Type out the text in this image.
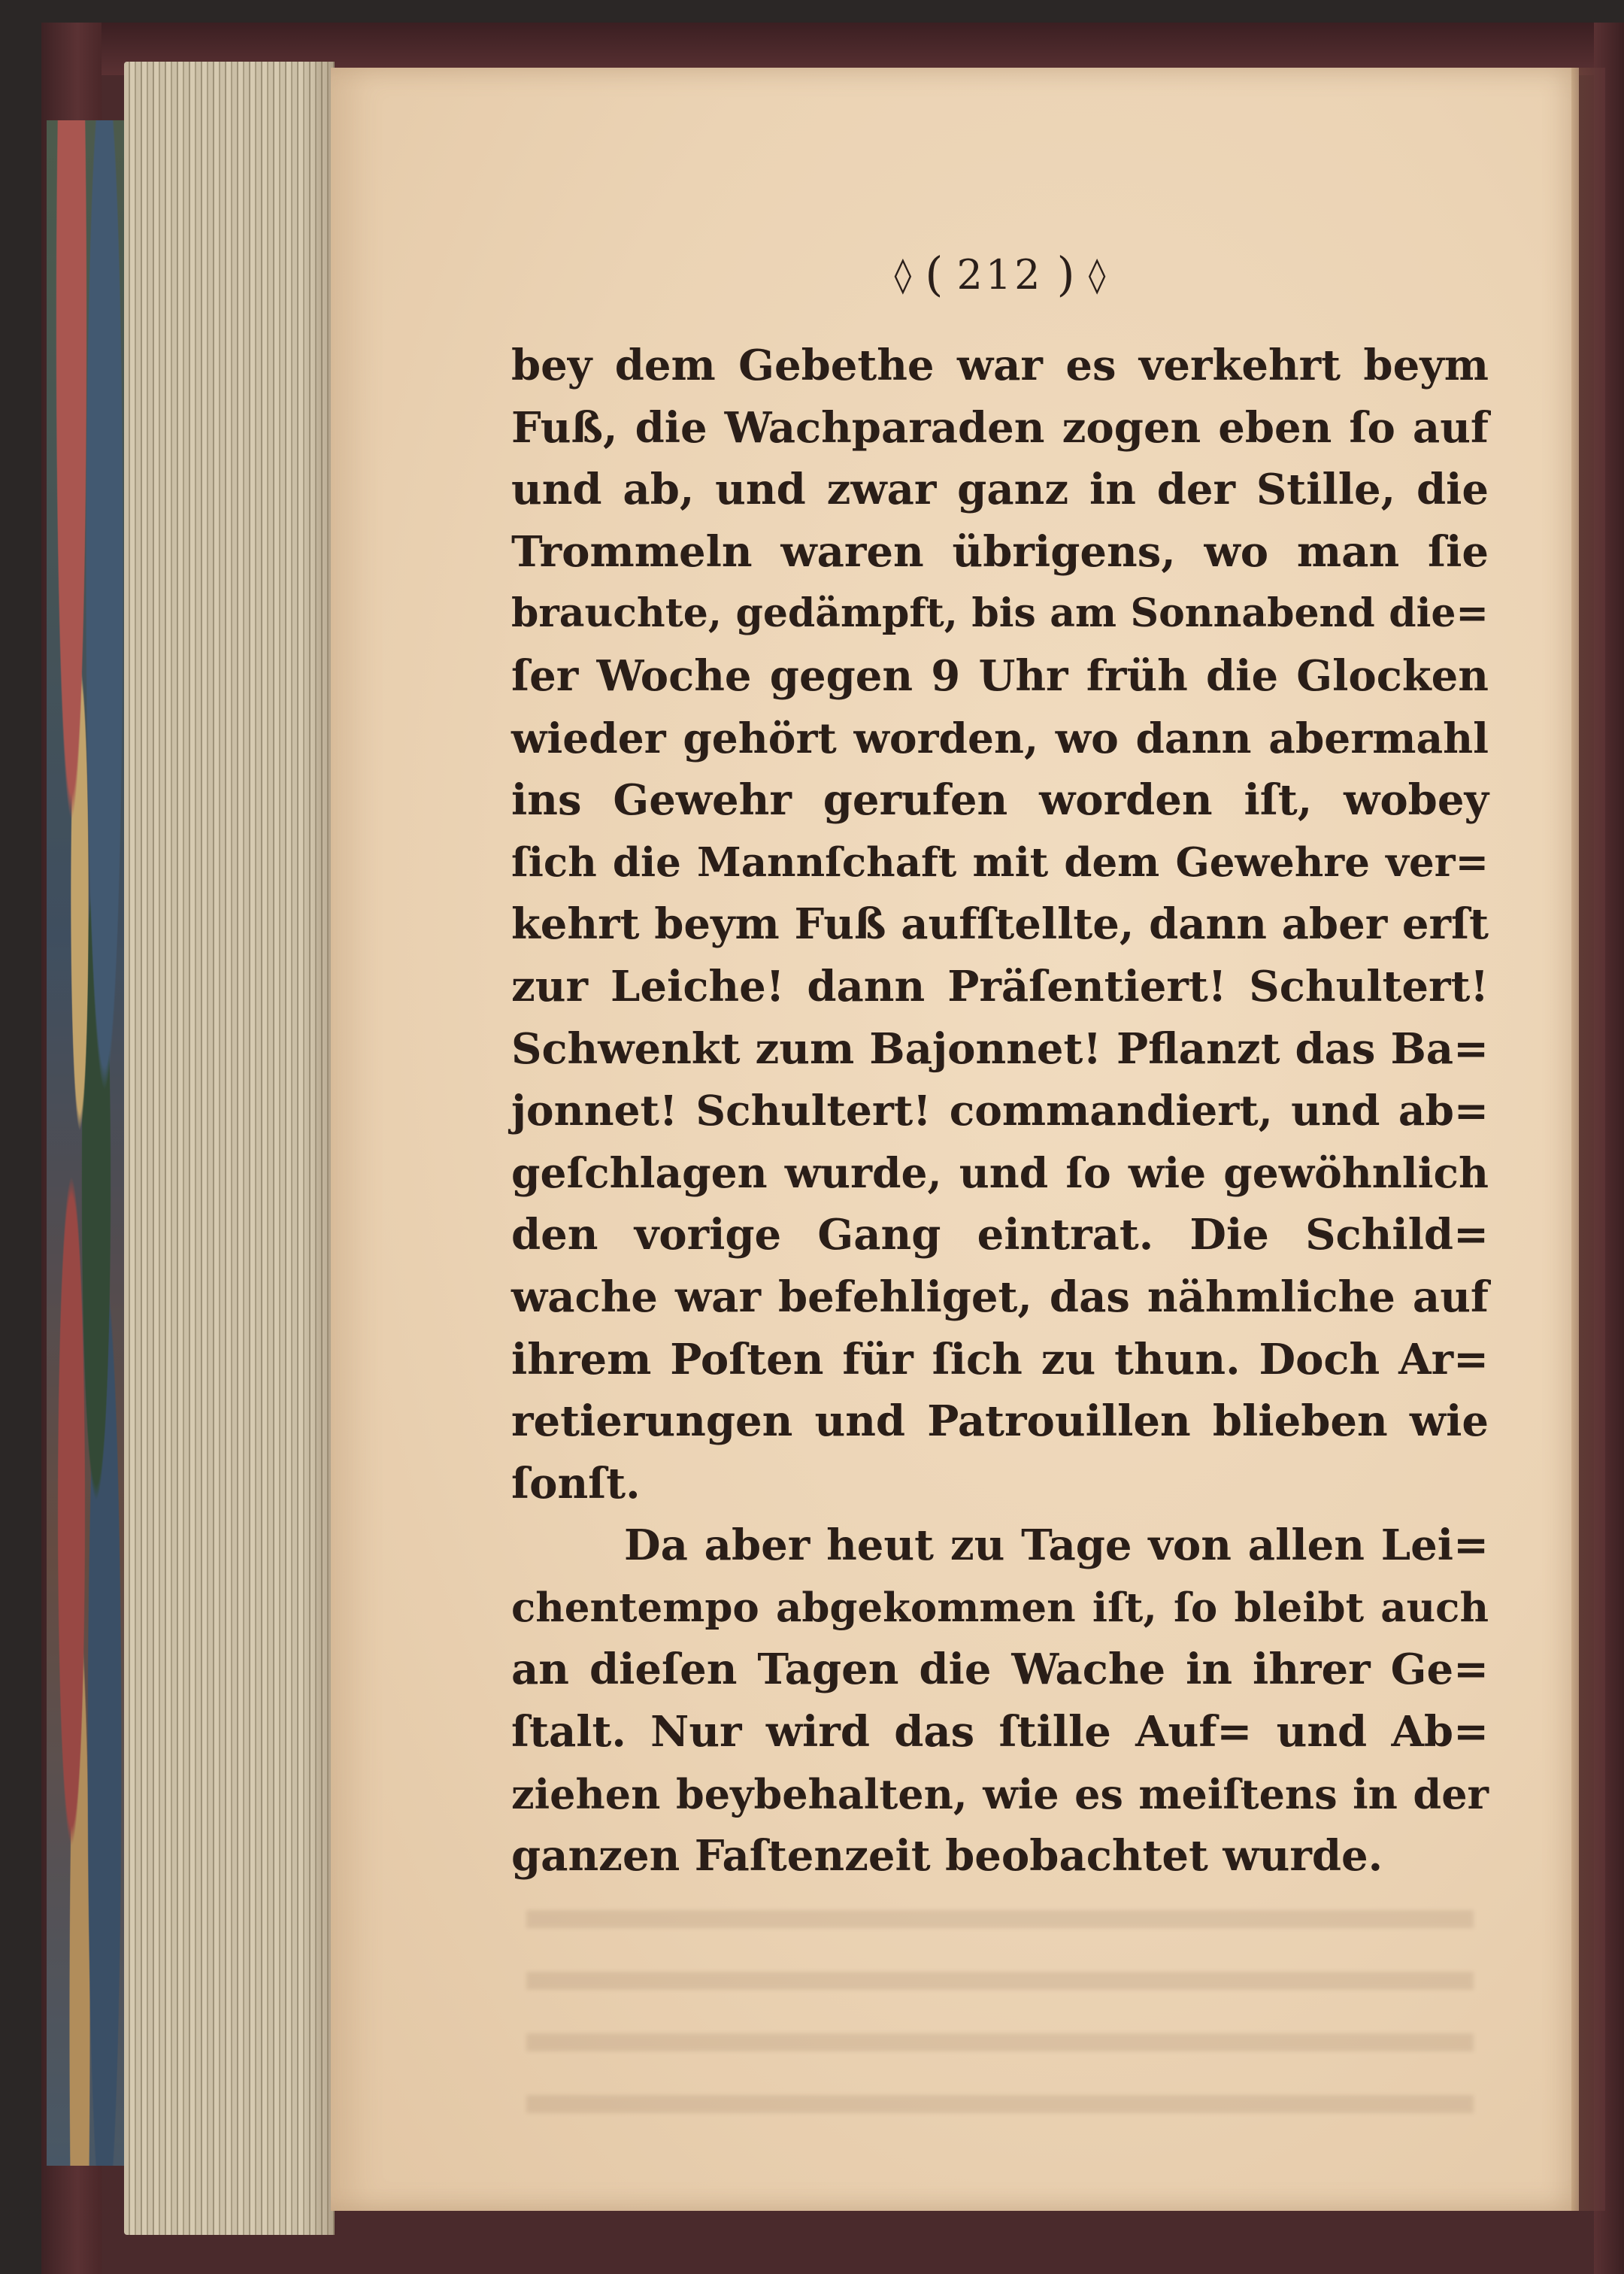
◊ ( 212 ) ◊
bey dem Gebethe war es verkehrt beym
Fuß, die Wachparaden zogen eben ſo auf
und ab, und zwar ganz in der Stille, die
Trommeln waren übrigens, wo man ſie
brauchte, gedämpft, bis am Sonnabend die=
ſer Woche gegen 9 Uhr früh die Glocken
wieder gehört worden, wo dann abermahl
ins Gewehr gerufen worden iſt, wobey
ſich die Mannſchaft mit dem Gewehre ver=
kehrt beym Fuß aufſtellte, dann aber erſt
zur Leiche! dann Präſentiert! Schultert!
Schwenkt zum Bajonnet! Pflanzt das Ba=
jonnet! Schultert! commandiert, und ab=
geſchlagen wurde, und ſo wie gewöhnlich
den vorige Gang eintrat. Die Schild=
wache war befehliget, das nähmliche auf
ihrem Poſten für ſich zu thun. Doch Ar=
retierungen und Patrouillen blieben wie
ſonſt.
Da aber heut zu Tage von allen Lei=
chentempo abgekommen iſt, ſo bleibt auch
an dieſen Tagen die Wache in ihrer Ge=
ſtalt. Nur wird das ſtille Auf= und Ab=
ziehen beybehalten, wie es meiſtens in der
ganzen Faſtenzeit beobachtet wurde.
